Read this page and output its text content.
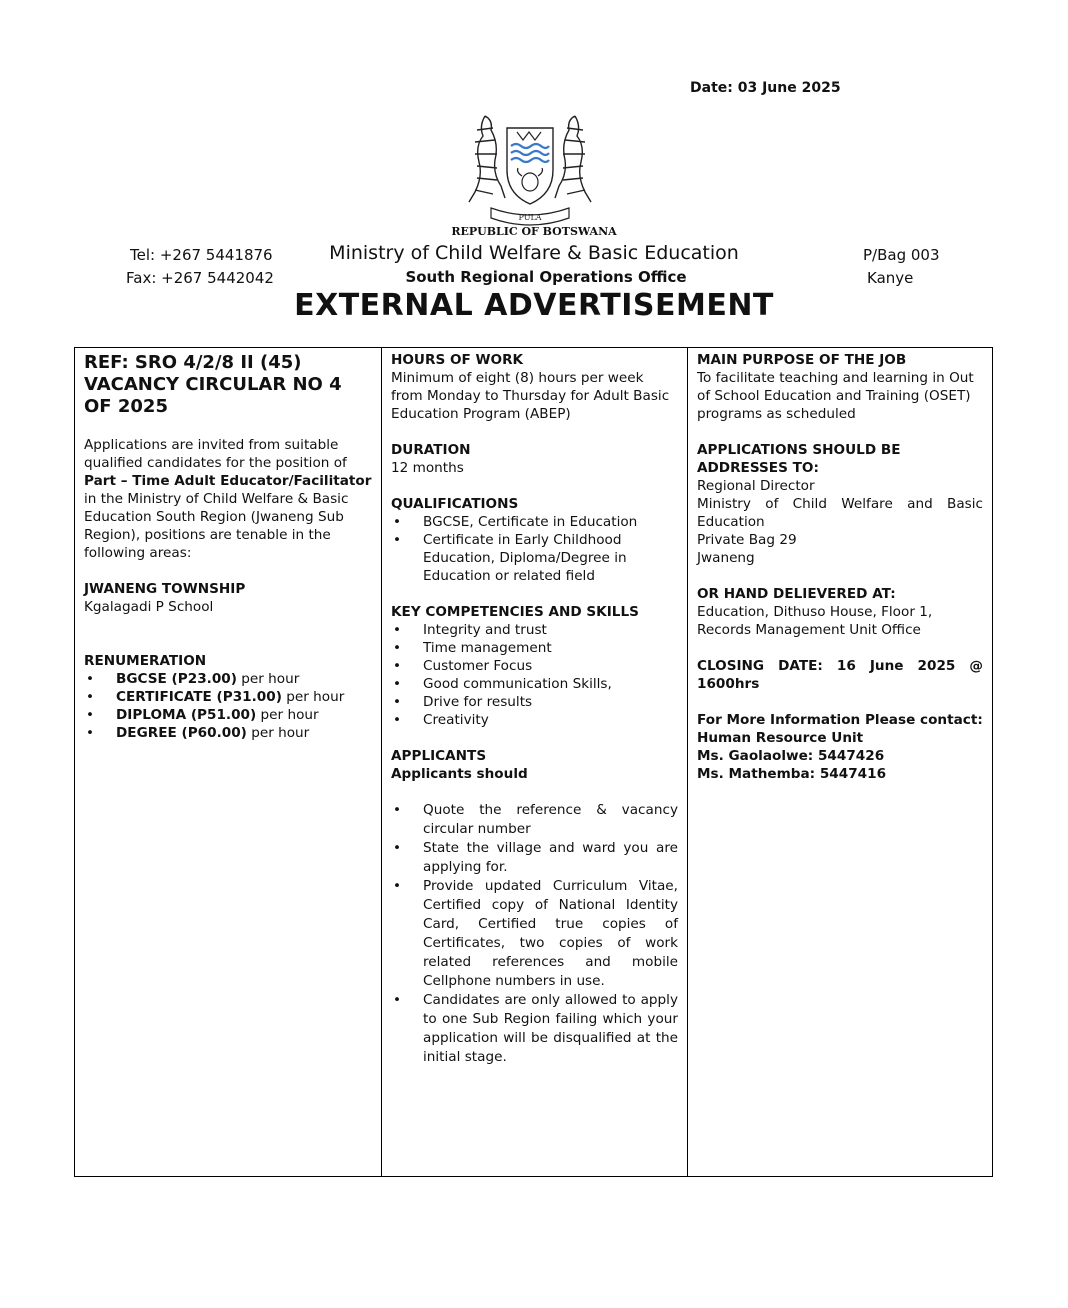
Date: 03 June 2025
PULA
REPUBLIC OF BOTSWANA
Tel: +267 5441876
Fax: +267 5442042
Ministry of Child Welfare & Basic Education
South Regional Operations Office
P/Bag 003
Kanye
EXTERNAL ADVERTISEMENT
REF: SRO 4/2/8 II (45) VACANCY CIRCULAR NO 4 OF 2025
Applications are invited from suitable qualified candidates for the position of Part – Time Adult Educator/Facilitator in the Ministry of Child Welfare & Basic Education South Region (Jwaneng Sub Region), positions are tenable in the following areas:
JWANENG TOWNSHIP
Kgalagadi P School
RENUMERATION
• BGCSE (P23.00) per hour
• CERTIFICATE (P31.00) per hour
• DIPLOMA (P51.00) per hour
• DEGREE (P60.00) per hour
HOURS OF WORK
Minimum of eight (8) hours per week from Monday to Thursday for Adult Basic Education Program (ABEP)
DURATION
12 months
QUALIFICATIONS
• BGCSE, Certificate in Education
• Certificate in Early Childhood Education, Diploma/Degree in Education or related field
KEY COMPETENCIES AND SKILLS
• Integrity and trust
• Time management
• Customer Focus
• Good communication Skills,
• Drive for results
• Creativity
APPLICANTS
Applicants should
• Quote the reference & vacancy circular number
• State the village and ward you are applying for.
• Provide updated Curriculum Vitae, Certified copy of National Identity Card, Certified true copies of Certificates, two copies of work related references and mobile Cellphone numbers in use.
• Candidates are only allowed to apply to one Sub Region failing which your application will be disqualified at the initial stage.
MAIN PURPOSE OF THE JOB
To facilitate teaching and learning in Out of School Education and Training (OSET) programs as scheduled
APPLICATIONS SHOULD BE ADDRESSES TO:
Regional Director
Ministry of Child Welfare and Basic Education
Private Bag 29
Jwaneng
OR HAND DELIEVERED AT:
Education, Dithuso House, Floor 1, Records Management Unit Office
CLOSING DATE: 16 June 2025 @ 1600hrs
For More Information Please contact:
Human Resource Unit
Ms. Gaolaolwe: 5447426
Ms. Mathemba: 5447416
